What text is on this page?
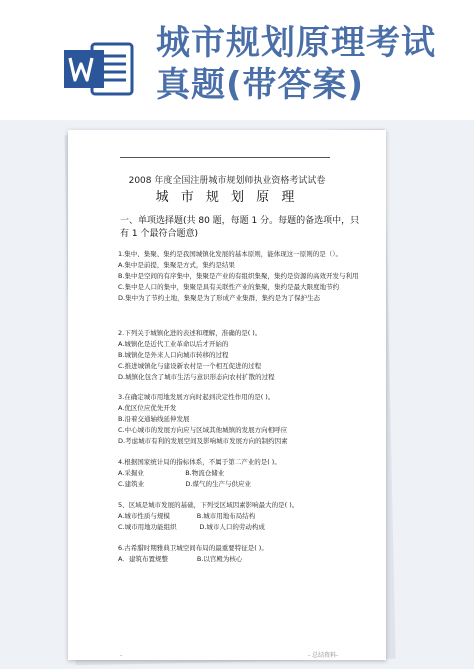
城市规划原理考试真题(带答案)
2008 年度全国注册城市规划师执业资格考试试卷
城 市 规 划 原 理
一、单项选择题(共 80 题，每题 1 分。每题的备选项中，只有 1 个最符合题意)
1.集中、集聚、集约是我国城镇化发展的基本原则，能体现这一原则的是（）。
A.集中是前提，集聚是方式，集约是结果
B.集中是空间的有序集中，集聚是产业的有组织集聚，集约是资源的高效开发与利用
C.集中是人口的集中，集聚是具有关联性产业的集聚，集约是最大限度地节约
D.集中为了节约土地，集聚是为了形成产业集群，集约是为了保护生态
2.下列关于城镇化进的表述和理解，准确的是( )。
A.城镇化是近代工业革命以后才开始的
B.城镇化是外来人口向城市转移的过程
C.推进城镇化与建设新农村是一个相互促进的过程
D.城镇化包含了城市生活与意识形态向农村扩散的过程
3.在确定城市用地发展方向时起到决定性作用的是( )。
A.优区位应优先开发
B.沿着交通轴线延伸发展
C.中心城市的发展方向应与区域其他城镇的发展方向相呼应
D.考虑城市有利的发展空间及影响城市发展方向的制约因素
4.根据国家统计局的指标体系，不属于第二产业的是( )。
A.采掘业                    B.物流仓储业
C.建筑业                    D.煤气的生产与供应业
5、区域是城市发展的基础，下列受区域因素影响最大的是( )。
A.城市性质与规模             B.城市用地布局结构
C.城市用地功能组织           D.城市人口的劳动构成
6.古希腊时期雅典卫城空间布局的最重要特征是( )。
A．建筑布置规整              B.以宫殿为核心
.	- 总结资料-
